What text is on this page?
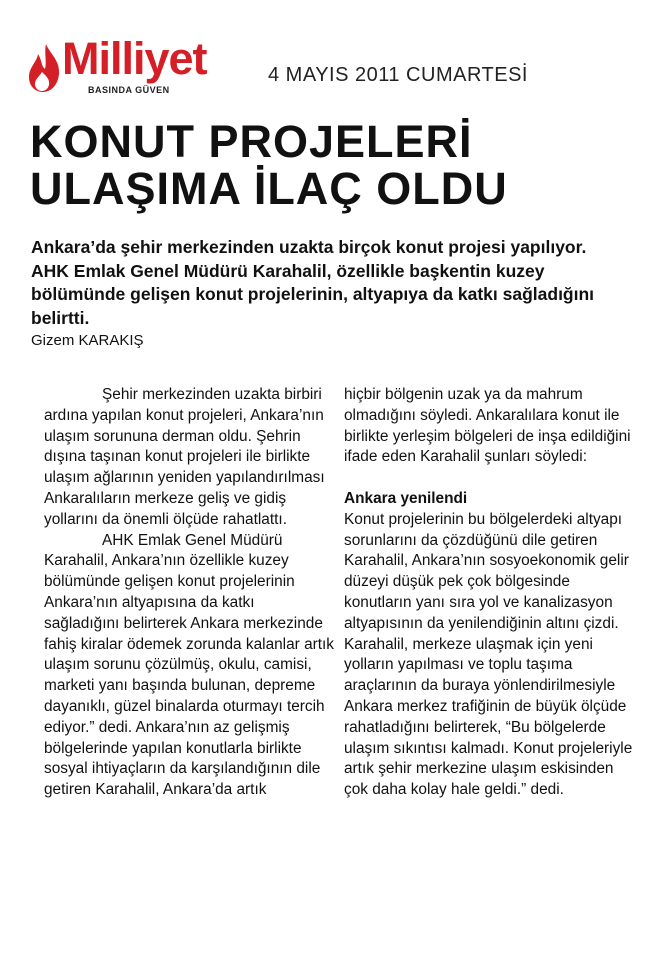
Milliyet
BASINDA GÜVEN
4 MAYIS 2011 CUMARTESİ
KONUT PROJELERİ
ULAŞIMA İLAÇ OLDU

Ankara’da şehir merkezinden uzakta birçok konut projesi yapılıyor. AHK Emlak Genel Müdürü Karahalil, özellikle başkentin kuzey bölümünde gelişen konut projelerinin, altyapıya da katkı sağladığını belirtti.

Gizem KARAKIŞ

Şehir merkezinden uzakta birbiri ardına yapılan konut projeleri, Ankara’nın ulaşım sorununa derman oldu. Şehrin dışına taşınan konut projeleri ile birlikte ulaşım ağlarının yeniden yapılandırılması Ankaralıların merkeze geliş ve gidiş yollarını da önemli ölçüde rahatlattı.

AHK Emlak Genel Müdürü Karahalil, Ankara’nın özellikle kuzey bölümünde gelişen konut projelerinin Ankara’nın altyapısına da katkı sağladığını belirterek Ankara merkezinde fahiş kiralar ödemek zorunda kalanlar artık ulaşım sorunu çözülmüş, okulu, camisi, marketi yanı başında bulunan, depreme dayanıklı, güzel binalarda oturmayı tercih ediyor.” dedi. Ankara’nın az gelişmiş bölgelerinde yapılan konutlarla birlikte sosyal ihtiyaçların da karşılandığının dile getiren Karahalil, Ankara’da artık

hiçbir bölgenin uzak ya da mahrum olmadığını söyledi. Ankaralılara konut ile birlikte yerleşim bölgeleri de inşa edildiğini ifade eden Karahalil şunları söyledi:

Ankara yenilendi

Konut projelerinin bu bölgelerdeki altyapı sorunlarını da çözdüğünü dile getiren Karahalil, Ankara’nın sosyoekonomik gelir düzeyi düşük pek çok bölgesinde konutların yanı sıra yol ve kanalizasyon altyapısının da yenilendiğinin altını çizdi. Karahalil, merkeze ulaşmak için yeni yolların yapılması ve toplu taşıma araçlarının da buraya yönlendirilmesiyle Ankara merkez trafiğinin de büyük ölçüde rahatladığını belirterek, “Bu bölgelerde ulaşım sıkıntısı kalmadı. Konut projeleriyle artık şehir merkezine ulaşım eskisinden çok daha kolay hale geldi.” dedi.
